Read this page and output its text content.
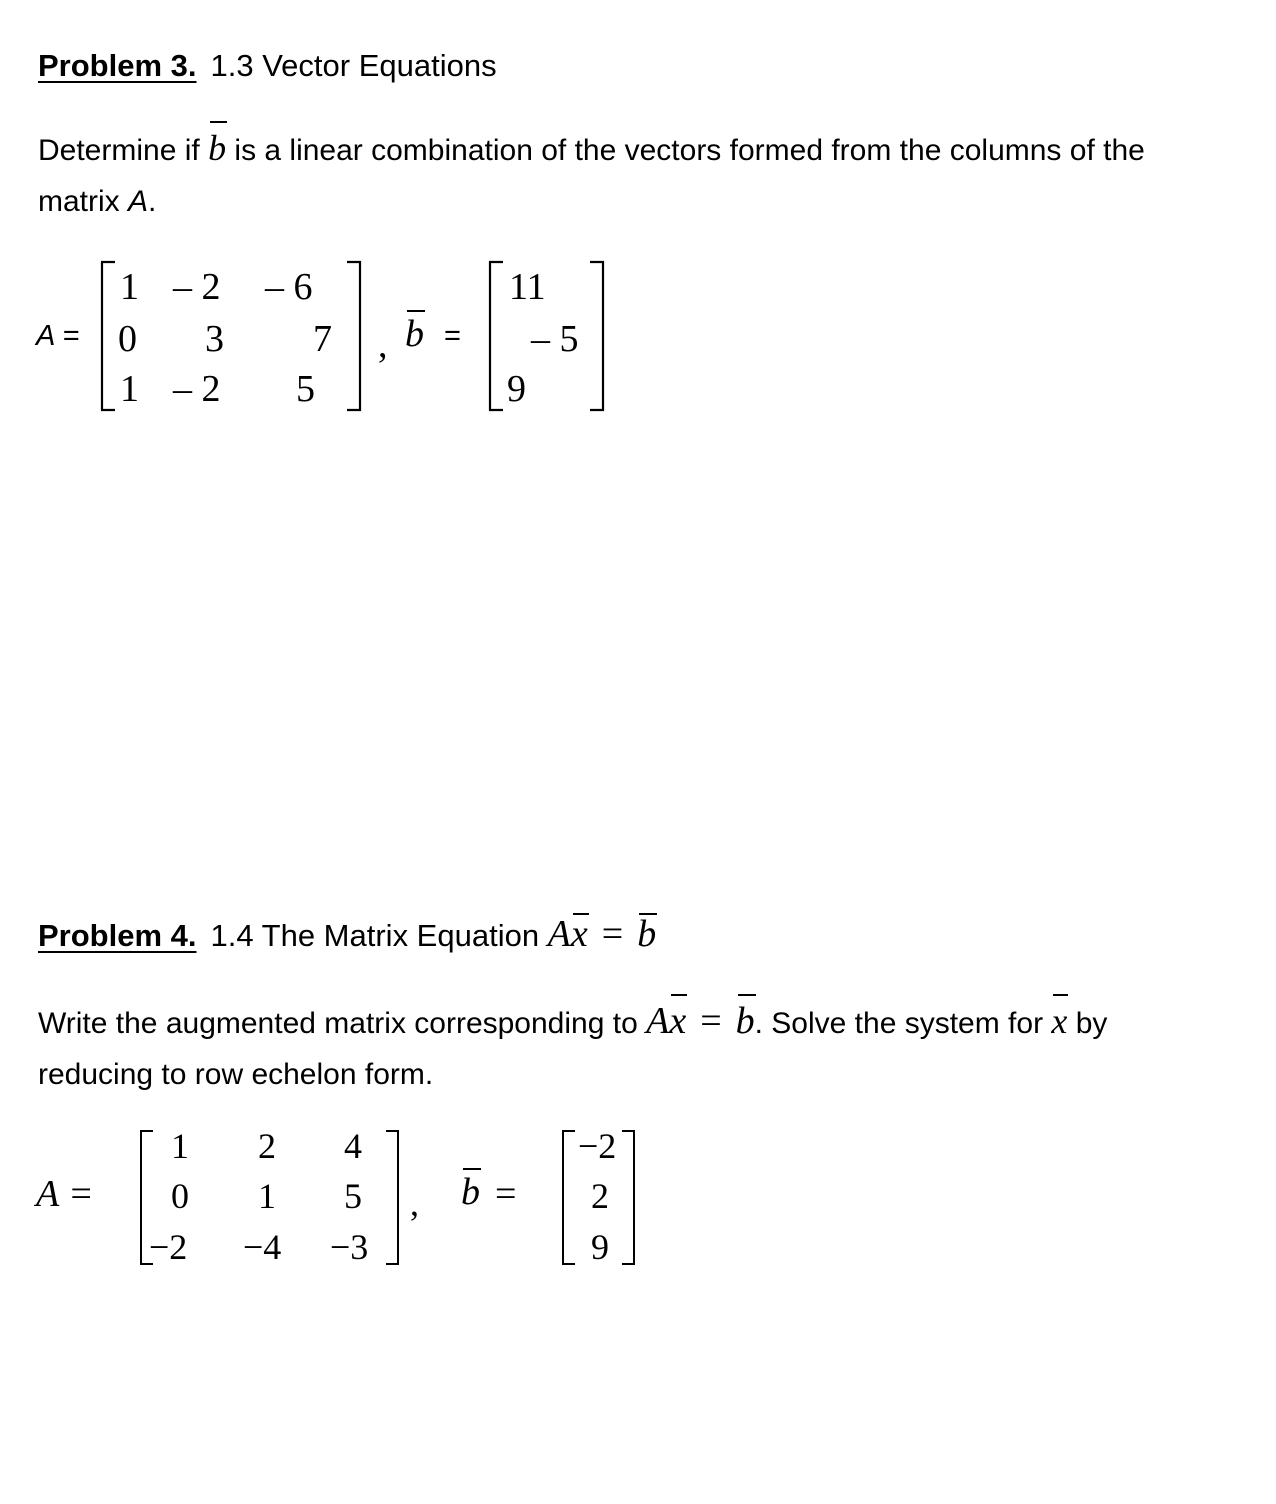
Problem 3. 1.3 Vector Equations
Determine if b is a linear combination of the vectors formed from the columns of the matrix A.
A =
1 – 2 – 6
0 3 7
1 – 2 5
, b =
11
– 5
9
Problem 4. 1.4 The Matrix Equation Ax = b
Write the augmented matrix corresponding to Ax = b. Solve the system for x by reducing to row echelon form.
A =
1 2 4
0 1 5
−2 −4 −3
, b =
−2
2
9
